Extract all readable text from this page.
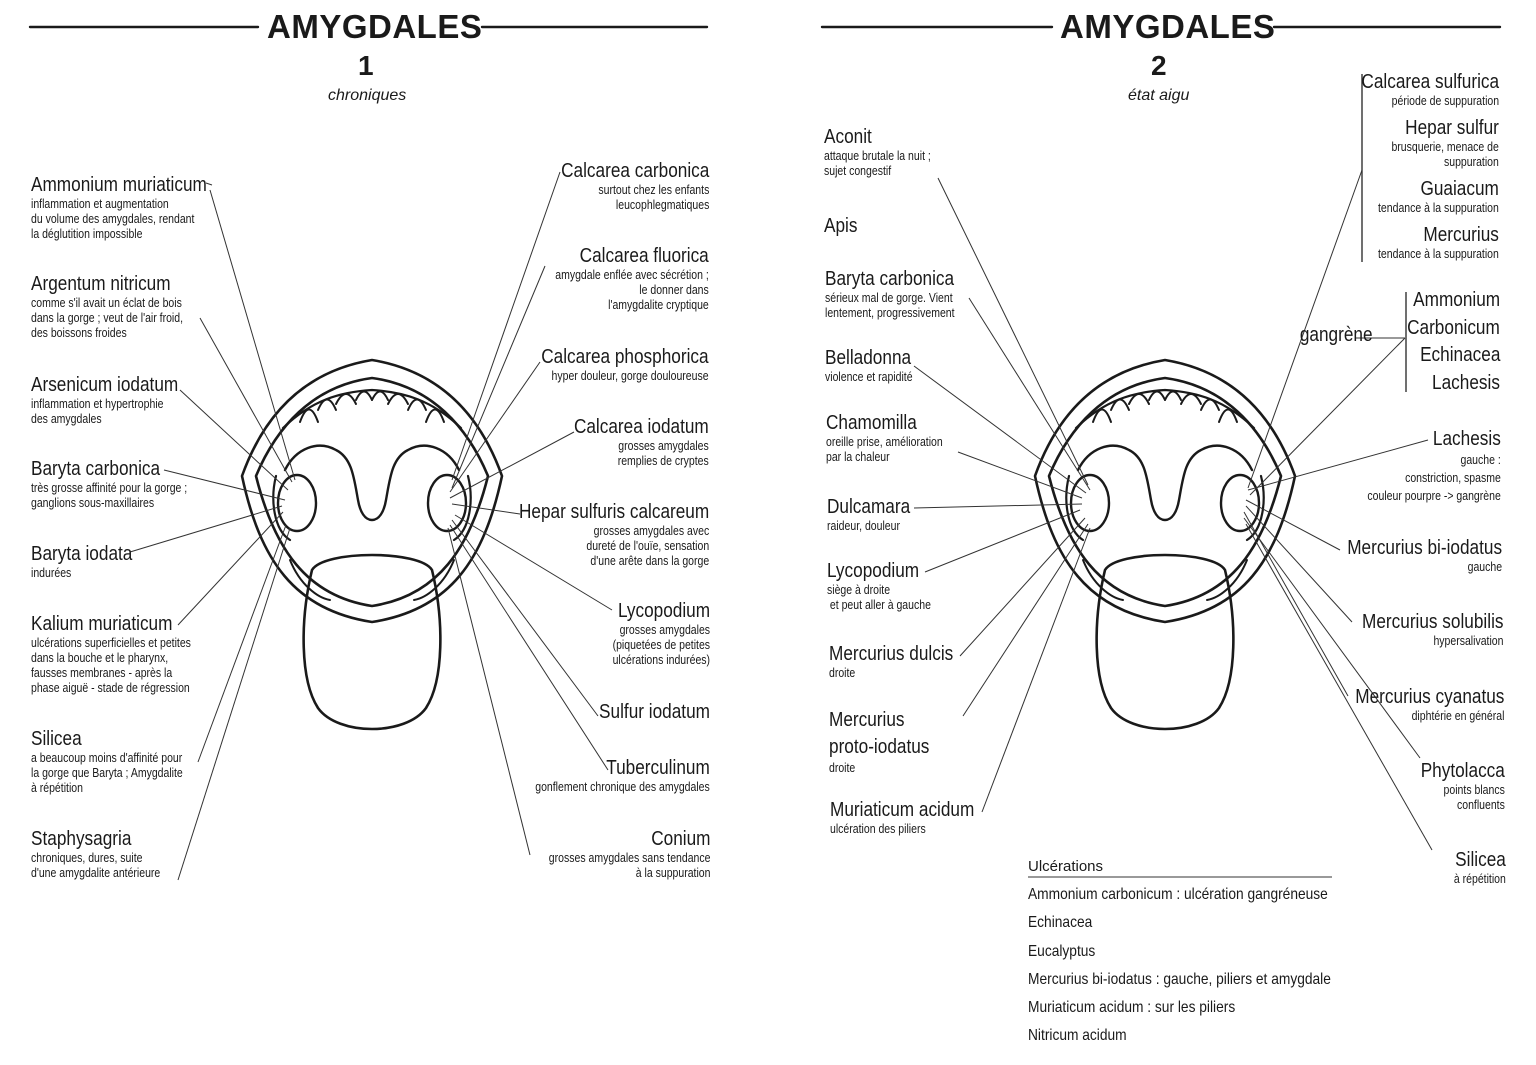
AMYGDALES
1
chroniques
Ammonium muriaticum
inflammation et augmentation
du volume des amygdales, rendant
la déglutition impossible
Argentum nitricum
comme s'il avait un éclat de bois
dans la gorge ; veut de l'air froid,
des boissons froides
Arsenicum iodatum
inflammation et hypertrophie
des amygdales
Baryta carbonica
très grosse affinité pour la gorge ;
ganglions sous-maxillaires
Baryta iodata
indurées
Kalium muriaticum
ulcérations superficielles et petites
dans la bouche et le pharynx,
fausses membranes - après la
phase aiguë - stade de régression
Silicea
a beaucoup moins d'affinité pour
la gorge que Baryta ; Amygdalite
à répétition
Staphysagria
chroniques, dures, suite
d'une amygdalite antérieure
Calcarea carbonica
surtout chez les enfants
leucophlegmatiques
Calcarea fluorica
amygdale enflée avec sécrétion ;
le donner dans
l'amygdalite cryptique
Calcarea phosphorica
hyper douleur, gorge douloureuse
Calcarea iodatum
grosses amygdales
remplies de cryptes
Hepar sulfuris calcareum
grosses amygdales avec
dureté de l'ouïe, sensation
d'une arête dans la gorge
Lycopodium
grosses amygdales
(piquetées de petites
ulcérations indurées)
Sulfur iodatum
Tuberculinum
gonflement chronique des amygdales
Conium
grosses amygdales sans tendance
à la suppuration
AMYGDALES
2
état aigu
Aconit
attaque brutale la nuit ;
sujet congestif
Apis
Baryta carbonica
sérieux mal de gorge. Vient
lentement, progressivement
Belladonna
violence et rapidité
Chamomilla
oreille prise, amélioration
par la chaleur
Dulcamara
raideur, douleur
Lycopodium
siège à droite
et peut aller à gauche
Mercurius dulcis
droite
Mercurius
proto-iodatus
droite
Muriaticum acidum
ulcération des piliers
Calcarea sulfurica
période de suppuration
Hepar sulfur
brusquerie, menace de
suppuration
Guaiacum
tendance à la suppuration
Mercurius
tendance à la suppuration
gangrène
Ammonium
Carbonicum
Echinacea
Lachesis
Lachesis
gauche :
constriction, spasme
couleur pourpre -> gangrène
Mercurius bi-iodatus
gauche
Mercurius solubilis
hypersalivation
Mercurius cyanatus
diphtérie en général
Phytolacca
points blancs
confluents
Silicea
à répétition
Ulcérations
Ammonium carbonicum : ulcération gangréneuse
Echinacea
Eucalyptus
Mercurius bi-iodatus : gauche, piliers et amygdale
Muriaticum acidum : sur les piliers
Nitricum acidum
